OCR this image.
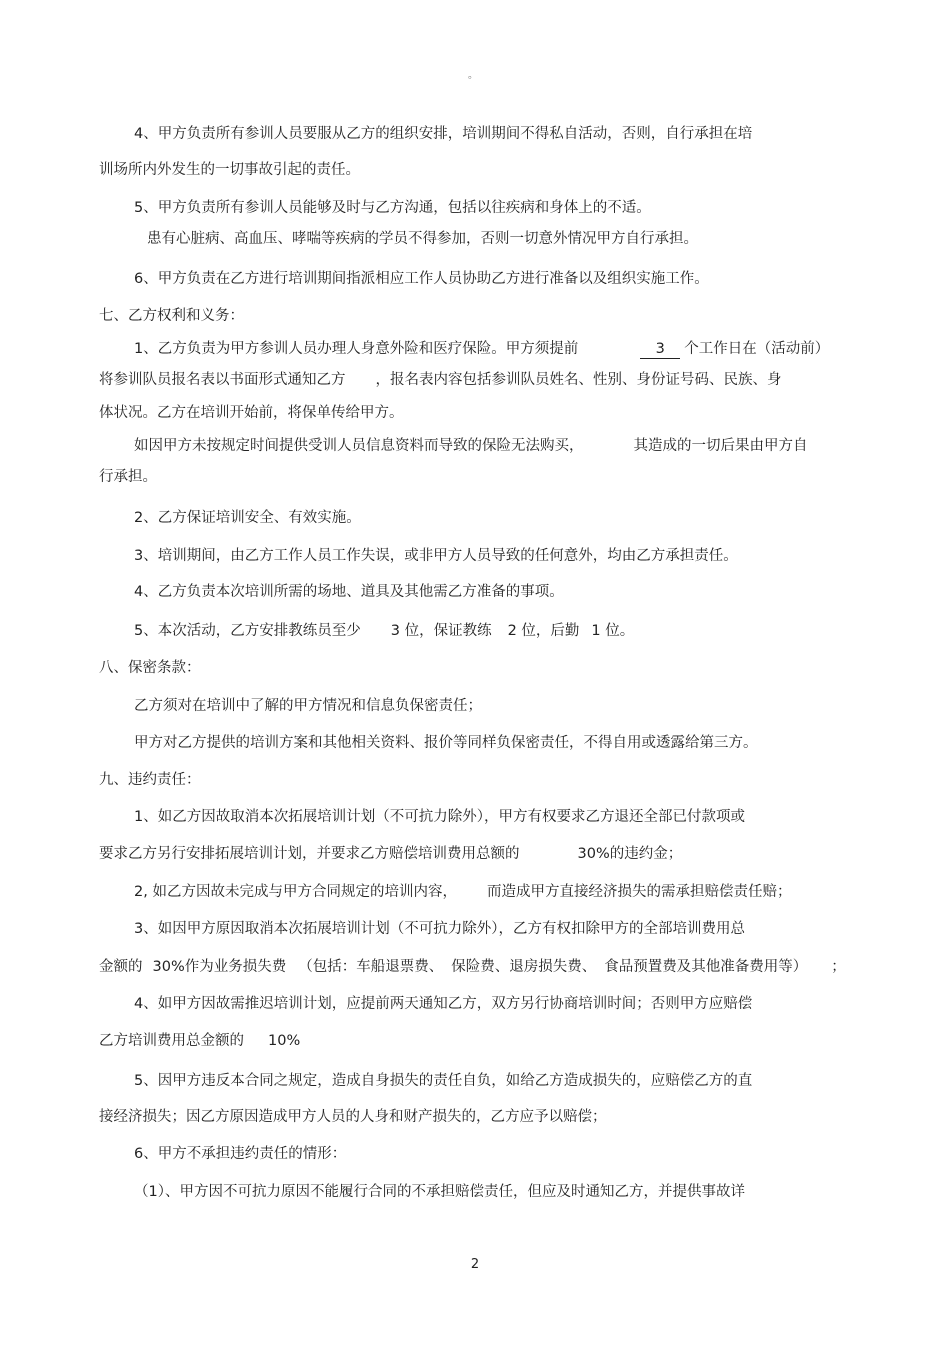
。

4、甲方负责所有参训人员要服从乙方的组织安排，培训期间不得私自活动，否则，自行承担在培

训场所内外发生的一切事故引起的责任。

5、甲方负责所有参训人员能够及时与乙方沟通，包括以往疾病和身体上的不适。

患有心脏病、高血压、哮喘等疾病的学员不得参加，否则一切意外情况甲方自行承担。

6、甲方负责在乙方进行培训期间指派相应工作人员协助乙方进行准备以及组织实施工作。

七、乙方权利和义务：

1、乙方负责为甲方参训人员办理人身意外险和医疗保险。甲方须提前	3 个工作日在（活动前）

将参训队员报名表以书面形式通知乙方 ，报名表内容包括参训队员姓名、性别、身份证号码、民族、身

体状况。乙方在培训开始前，将保单传给甲方。

如因甲方未按规定时间提供受训人员信息资料而导致的保险无法购买，	其造成的一切后果由甲方自

行承担。

2、乙方保证培训安全、有效实施。

3、培训期间，由乙方工作人员工作失误，或非甲方人员导致的任何意外，均由乙方承担责任。

4、乙方负责本次培训所需的场地、道具及其他需乙方准备的事项。

5、本次活动，乙方安排教练员至少 3 位，保证教练 2 位，后勤 1 位。

八、保密条款：

乙方须对在培训中了解的甲方情况和信息负保密责任；

甲方对乙方提供的培训方案和其他相关资料、报价等同样负保密责任，不得自用或透露给第三方。

九、违约责任：

1、如乙方因故取消本次拓展培训计划（不可抗力除外），甲方有权要求乙方退还全部已付款项或

要求乙方另行安排拓展培训计划，并要求乙方赔偿培训费用总额的	30%的违约金；

2, 如乙方因故未完成与甲方合同规定的培训内容， 而造成甲方直接经济损失的需承担赔偿责任赔；

3、如因甲方原因取消本次拓展培训计划（不可抗力除外），乙方有权扣除甲方的全部培训费用总

金额的 30%作为业务损失费 （包括：车船退票费、 保险费、退房损失费、 食品预置费及其他准备费用等） ；

4、如甲方因故需推迟培训计划，应提前两天通知乙方，双方另行协商培训时间；否则甲方应赔偿

乙方培训费用总金额的 10%

5、因甲方违反本合同之规定，造成自身损失的责任自负，如给乙方造成损失的，应赔偿乙方的直

接经济损失；因乙方原因造成甲方人员的人身和财产损失的，乙方应予以赔偿；

6、甲方不承担违约责任的情形：

（1）、甲方因不可抗力原因不能履行合同的不承担赔偿责任，但应及时通知乙方，并提供事故详

2
